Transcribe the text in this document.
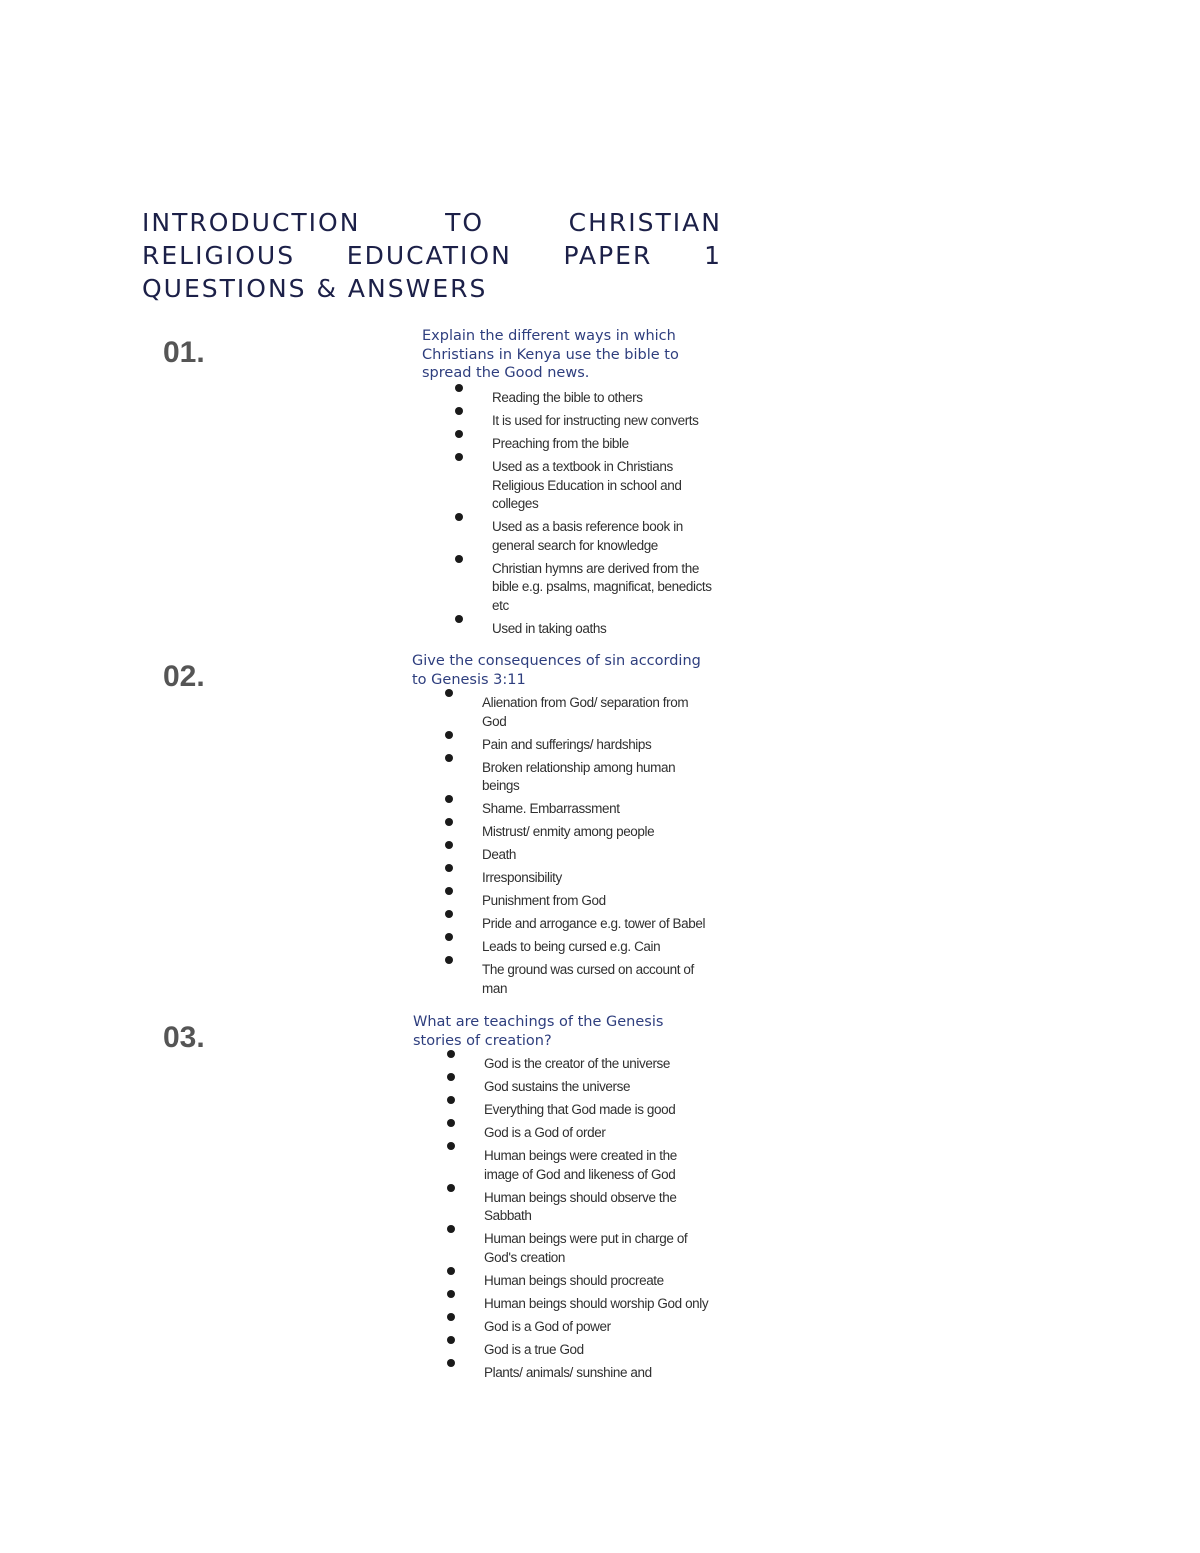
INTRODUCTION TO CHRISTIAN RELIGIOUS EDUCATION PAPER 1 QUESTIONS & ANSWERS
01.	Explain the different ways in which Christians in Kenya use the bible to spread the Good news.

Reading the bible to others
It is used for instructing new converts
Preaching from the bible
Used as a textbook in Christians Religious Education in school and colleges
Used as a basis reference book in general search for knowledge
Christian hymns are derived from the bible e.g. psalms, magnificat, benedicts etc
Used in taking oaths
02.	Give the consequences of sin according to Genesis 3:11

Alienation from God/ separation from God
Pain and sufferings/ hardships
Broken relationship among human beings
Shame. Embarrassment
Mistrust/ enmity among people
Death
Irresponsibility
Punishment from God
Pride and arrogance e.g. tower of Babel
Leads to being cursed e.g. Cain
The ground was cursed on account of man
03.	What are teachings of the Genesis stories of creation?

God is the creator of the universe
God sustains the universe
Everything that God made is good
God is a God of order
Human beings were created in the image of God and likeness of God
Human beings should observe the Sabbath
Human beings were put in charge of God's creation
Human beings should procreate
Human beings should worship God only
God is a God of power
God is a true God
Plants/ animals/ sunshine and
